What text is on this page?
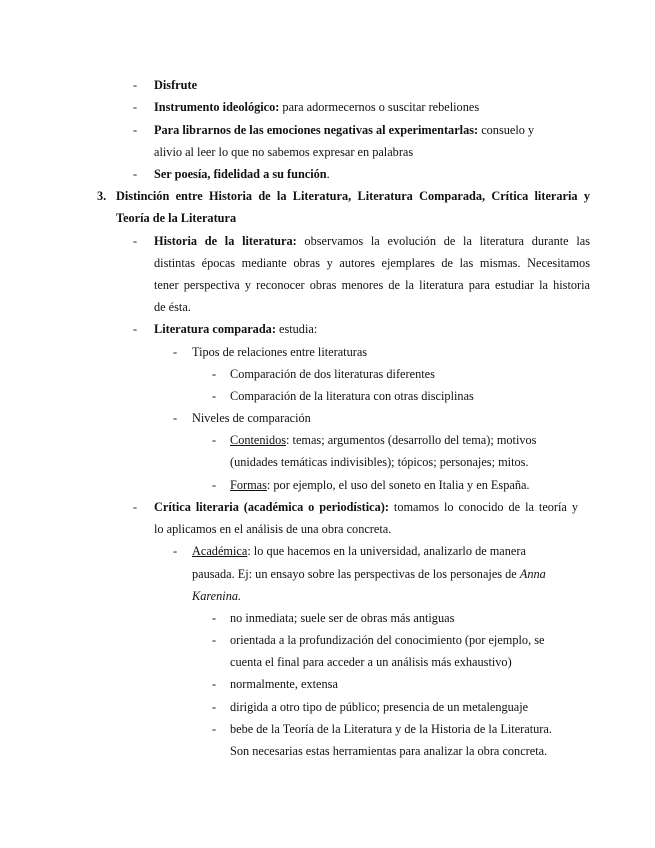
- Disfrute
- Instrumento ideológico: para adormecernos o suscitar rebeliones
- Para librarnos de las emociones negativas al experimentarlas: consuelo y
alivio al leer lo que no sabemos expresar en palabras
- Ser poesía, fidelidad a su función.
3. Distinción entre Historia de la Literatura, Literatura Comparada, Crítica literaria y
Teoría de la Literatura
- Historia de la literatura: observamos la evolución de la literatura durante las
distintas épocas mediante obras y autores ejemplares de las mismas. Necesitamos
tener perspectiva y reconocer obras menores de la literatura para estudiar la historia
de ésta.
- Literatura comparada: estudia:
- Tipos de relaciones entre literaturas
- Comparación de dos literaturas diferentes
- Comparación de la literatura con otras disciplinas
- Niveles de comparación
- Contenidos: temas; argumentos (desarrollo del tema); motivos
(unidades temáticas indivisibles); tópicos; personajes; mitos.
- Formas: por ejemplo, el uso del soneto en Italia y en España.
- Crítica literaria (académica o periodística): tomamos lo conocido de la teoría y
lo aplicamos en el análisis de una obra concreta.
- Académica: lo que hacemos en la universidad, analizarlo de manera
pausada. Ej: un ensayo sobre las perspectivas de los personajes de Anna
Karenina.
- no inmediata; suele ser de obras más antiguas
- orientada a la profundización del conocimiento (por ejemplo, se
cuenta el final para acceder a un análisis más exhaustivo)
- normalmente, extensa
- dirigida a otro tipo de público; presencia de un metalenguaje
- bebe de la Teoría de la Literatura y de la Historia de la Literatura.
Son necesarias estas herramientas para analizar la obra concreta.
